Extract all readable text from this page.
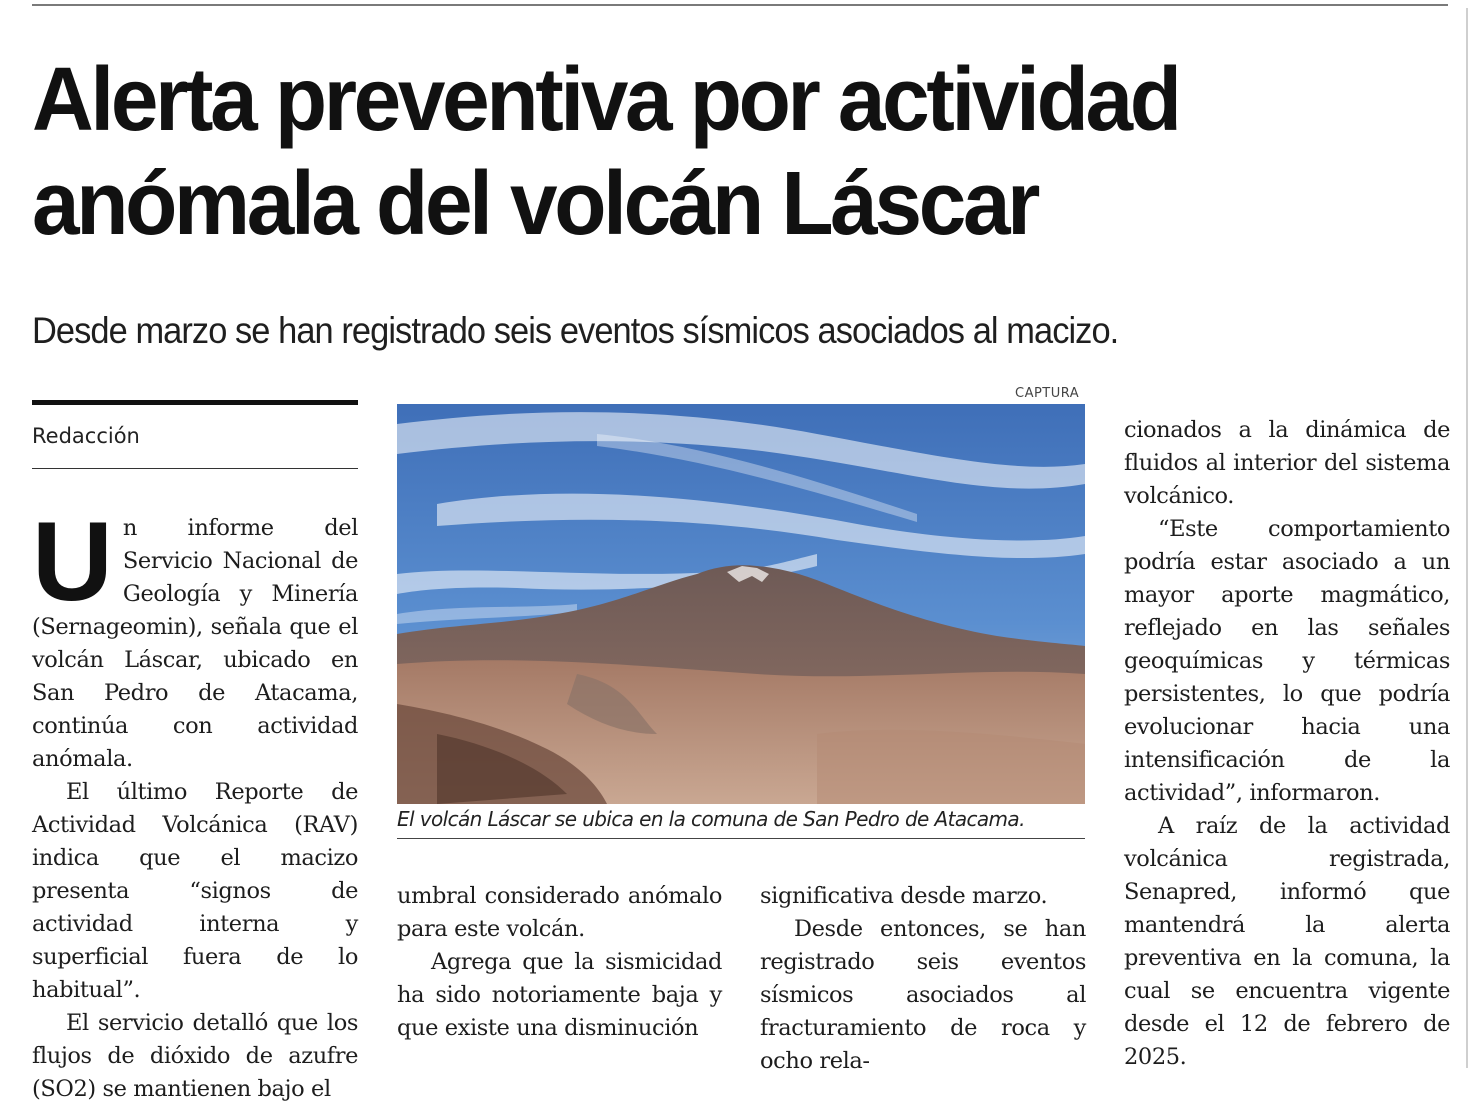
Alerta preventiva por actividad
anómala del volcán Láscar

Desde marzo se han registrado seis eventos sísmicos asociados al macizo.

Redacción

Un informe del Servicio Nacional de Geología y Minería (Sernageomin), señala que el volcán Láscar, ubicado en San Pedro de Atacama, continúa con actividad anómala.

El último Reporte de Actividad Volcánica (RAV) indica que el macizo presenta “signos de actividad interna y superficial fuera de lo habitual”.

El servicio detalló que los flujos de dióxido de azufre (SO2) se mantienen bajo el

CAPTURA
El volcán Láscar se ubica en la comuna de San Pedro de Atacama.

umbral considerado anómalo para este volcán.

Agrega que la sismicidad ha sido notoriamente baja y que existe una disminución

significativa desde marzo.

Desde entonces, se han registrado seis eventos sísmicos asociados al fracturamiento de roca y ocho rela-

cionados a la dinámica de fluidos al interior del sistema volcánico.

“Este comportamiento podría estar asociado a un mayor aporte magmático, reflejado en las señales geoquímicas y térmicas persistentes, lo que podría evolucionar hacia una intensificación de la actividad”, informaron.

A raíz de la actividad volcánica registrada, Senapred, informó que mantendrá la alerta preventiva en la comuna, la cual se encuentra vigente desde el 12 de febrero de 2025.
